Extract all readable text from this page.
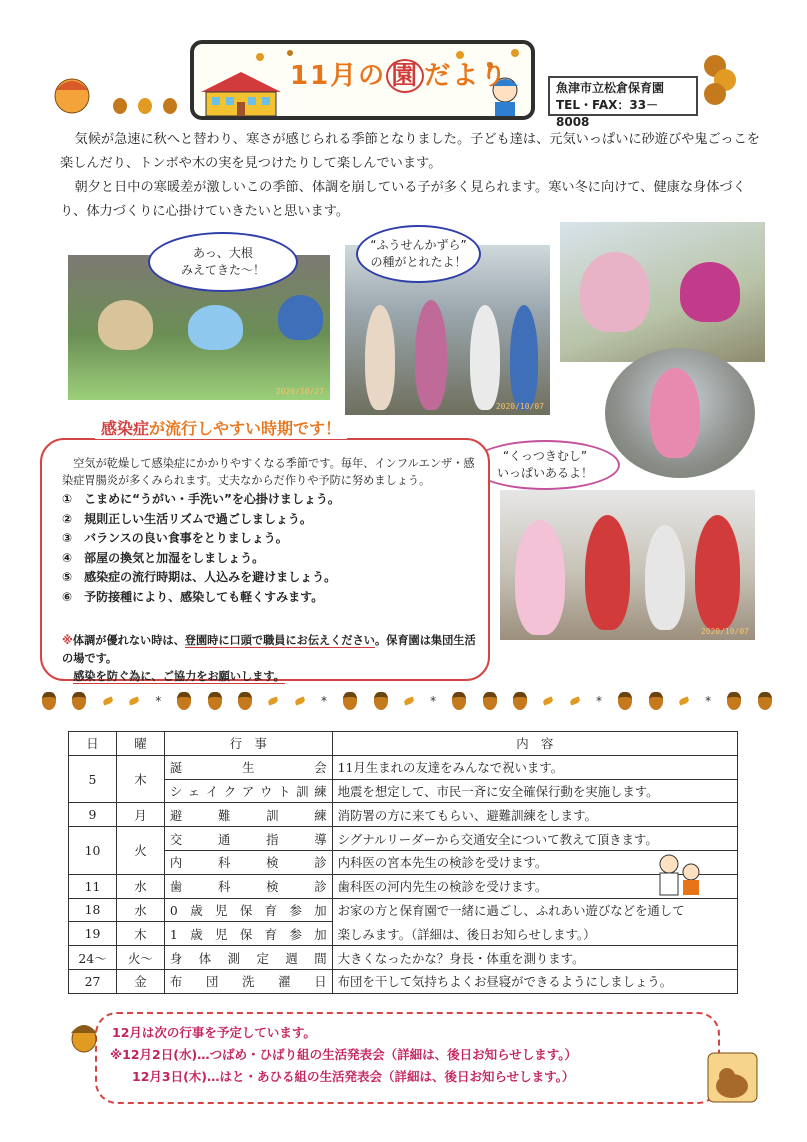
11月の 園 だより	魚津市立松倉保育園
TEL・FAX：33－8008

気候が急速に秋へと替わり、寒さが感じられる季節となりました。子ども達は、元気いっぱいに砂遊びや鬼ごっこを楽しんだり、トンボや木の実を見つけたりして楽しんでいます。

朝夕と日中の寒暖差が激しいこの季節、体調を崩している子が多く見られます。寒い冬に向けて、健康な身体づくり、体力づくりに心掛けていきたいと思います。

2020/10/27
2020/10/07
2020/10/07
あっ、大根
みえてきた～！
“ふうせんかずら”
の種がとれたよ！
“くっつきむし”
いっぱいあるよ！
感染症が流行しやすい時期です！
空気が乾燥して感染症にかかりやすくなる季節です。毎年、インフルエンザ・感染症胃腸炎が多くみられます。丈夫なからだ作りや予防に努めましょう。
①　こまめに“うがい・手洗い”を心掛けましょう。
②　規則正しい生活リズムで過ごしましょう。
③　バランスの良い食事をとりましょう。
④　部屋の換気と加湿をしましょう。
⑤　感染症の流行時期は、人込みを避けましょう。
⑥　予防接種により、感染しても軽くすみます。
※体調が優れない時は、登園時に口頭で職員にお伝えください。保育園は集団生活の場です。
感染を防ぐ為に、ご協力をお願いします。
*	*	*	*	*
日	曜	行　事	内　容
5	木	誕生会	11月生まれの友達をみんなで祝います。
		シェイクアウト訓練	地震を想定して、市民一斉に安全確保行動を実施します。
9	月	避難訓練	消防署の方に来てもらい、避難訓練をします。
10	火	交通指導	シグナルリーダーから交通安全について教えて頂きます。
		内科検診	内科医の宮本先生の検診を受けます。
11	水	歯科検診	歯科医の河内先生の検診を受けます。
18	水	0歳児保育参加	お家の方と保育園で一緒に過ごし、ふれあい遊びなどを通して
19	木	1歳児保育参加	楽しみます。（詳細は、後日お知らせします。）
24～	火～	身体測定週間	大きくなったかな？身長・体重を測ります。
27	金	布団洗濯日	布団を干して気持ちよくお昼寝ができるようにしましょう。
12月は次の行事を予定しています。
※12月2日(水)…つばめ・ひばり組の生活発表会（詳細は、後日お知らせします。）
12月3日(木)…はと・あひる組の生活発表会（詳細は、後日お知らせします。）
